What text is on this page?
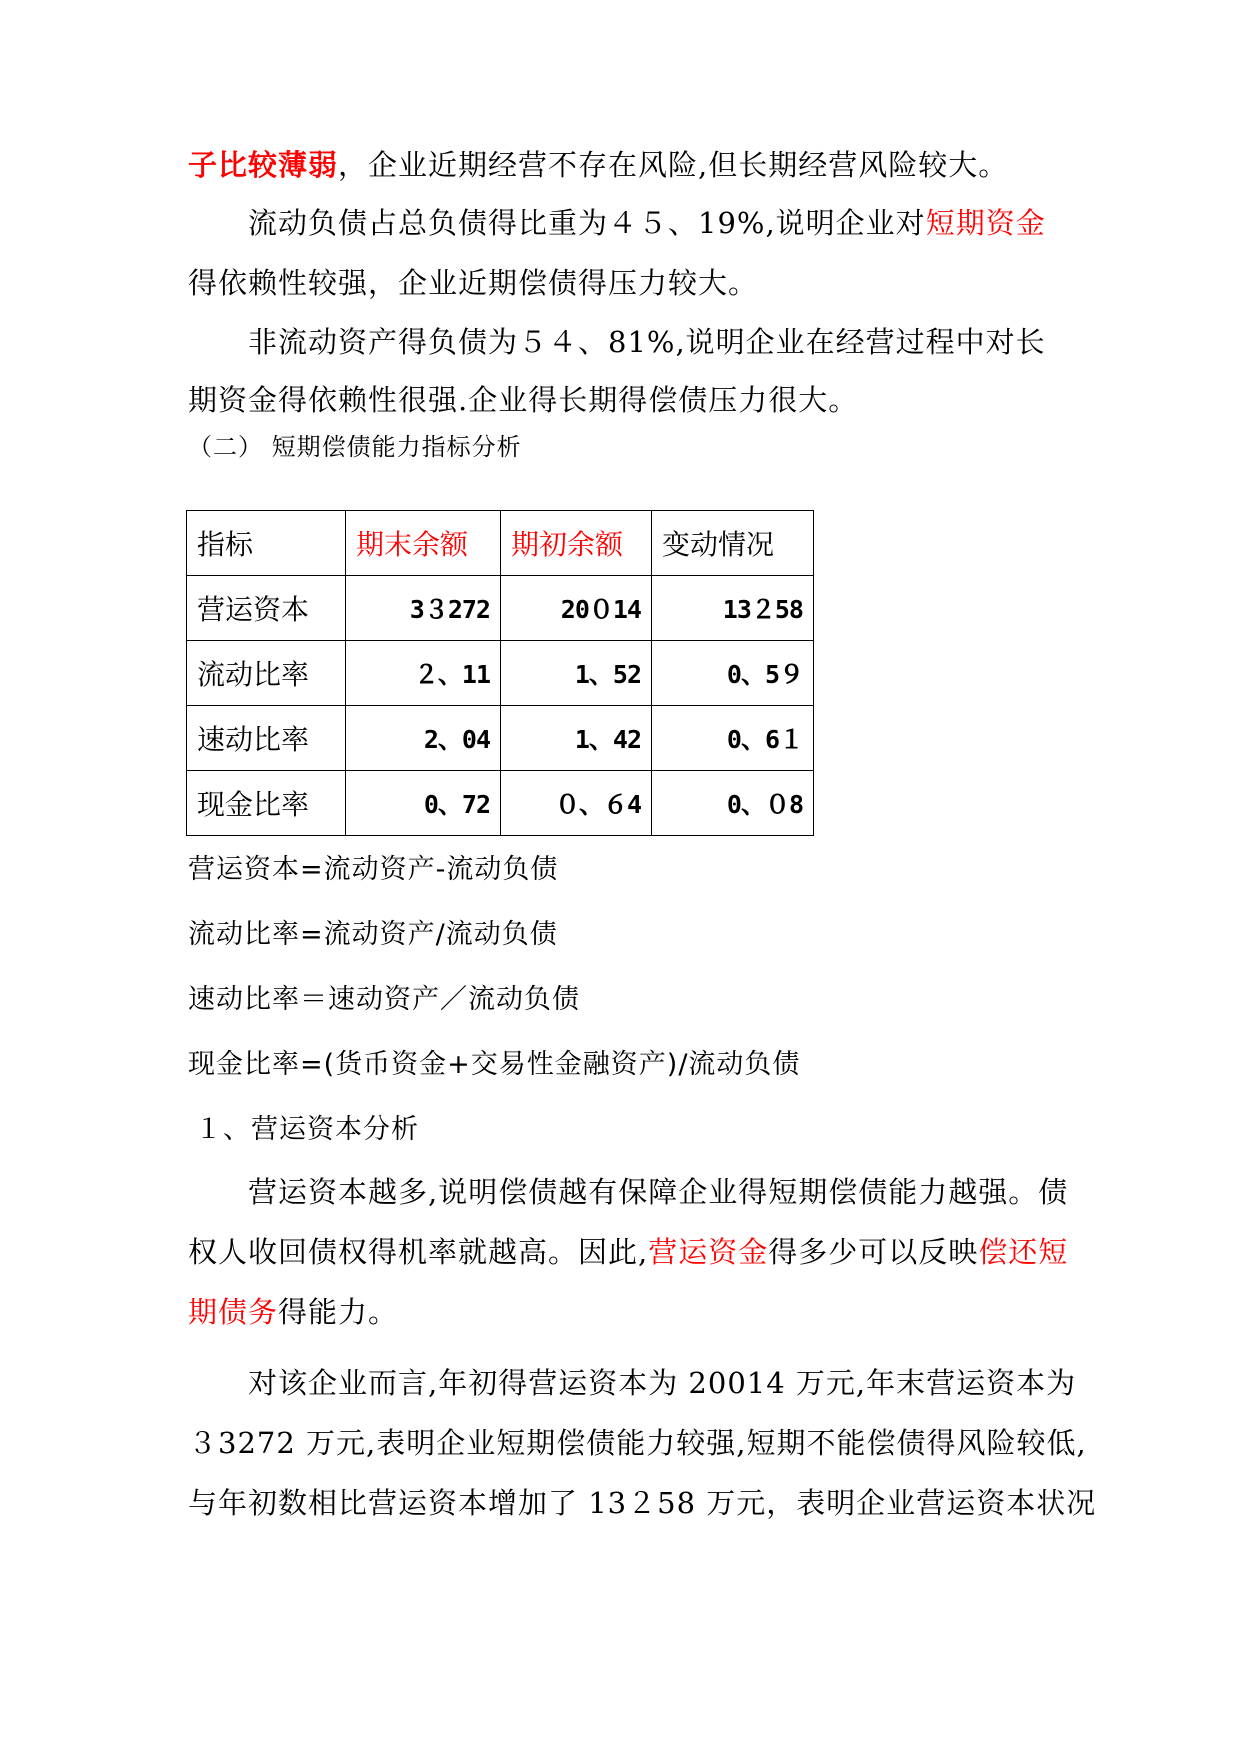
子比较薄弱，企业近期经营不存在风险,但长期经营风险较大。
流动负债占总负债得比重为４５、19%,说明企业对短期资金
得依赖性较强，企业近期偿债得压力较大。
非流动资产得负债为５４、81%,说明企业在经营过程中对长
期资金得依赖性很强.企业得长期得偿债压力很大。
（二） 短期偿债能力指标分析
指标	期末余额	期初余额	变动情况
营运资本	3３272	20０14	13２58
流动比率	２、11	1、52	0、5９
速动比率	2、04	1、42	0、6１
现金比率	0、72	０、６4	0、０8
营运资本=流动资产-流动负债
流动比率=流动资产/流动负债
速动比率＝速动资产／流动负债
现金比率=(货币资金+交易性金融资产)/流动负债
１、营运资本分析
营运资本越多,说明偿债越有保障企业得短期偿债能力越强。债
权人收回债权得机率就越高。因此,营运资金得多少可以反映偿还短
期债务得能力。
对该企业而言,年初得营运资本为 20014 万元,年末营运资本为
３3272 万元,表明企业短期偿债能力较强,短期不能偿债得风险较低,
与年初数相比营运资本增加了 13２58 万元，表明企业营运资本状况
